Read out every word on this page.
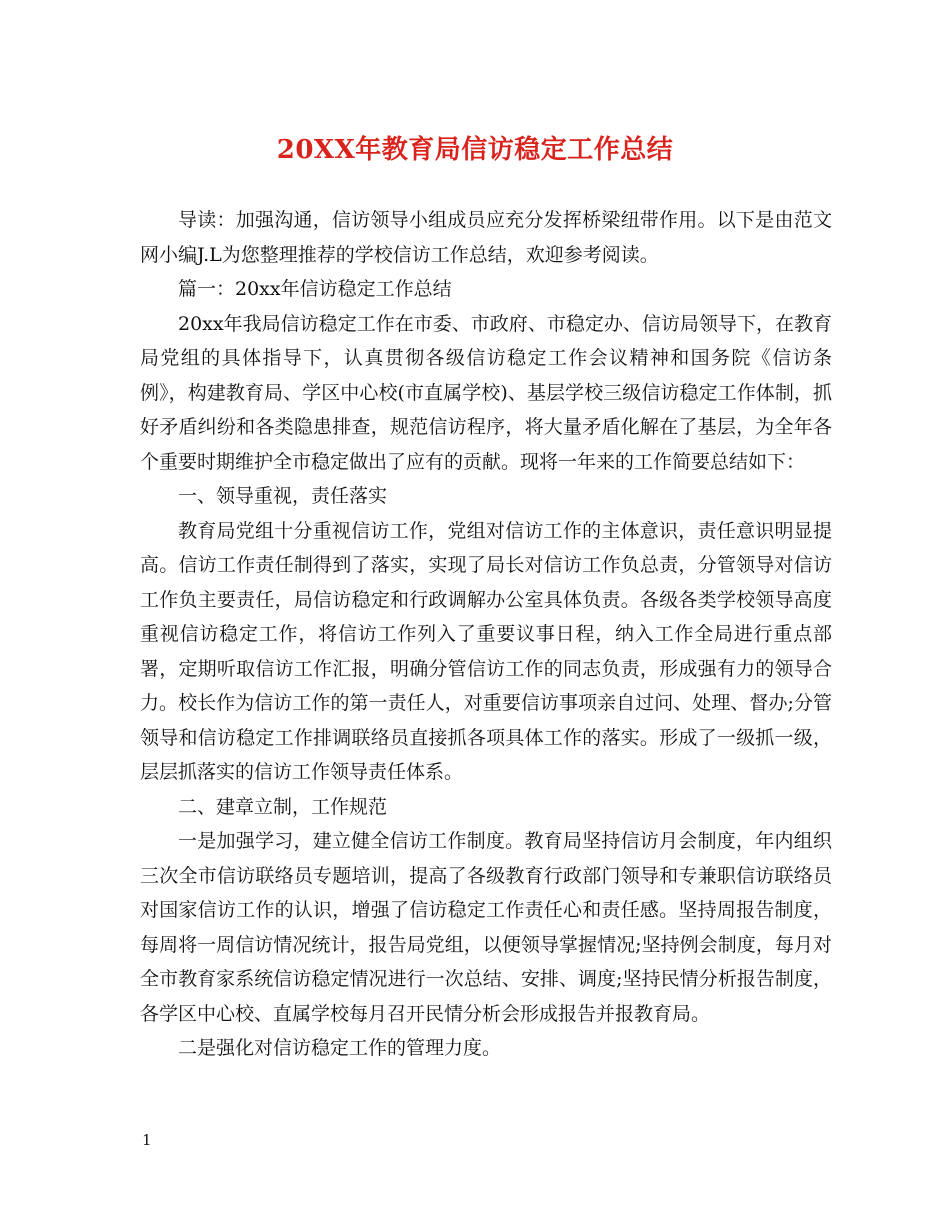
20XX年教育局信访稳定工作总结

导读：加强沟通，信访领导小组成员应充分发挥桥梁纽带作用。以下是由范文网小编J.L为您整理推荐的学校信访工作总结，欢迎参考阅读。

篇一：20xx年信访稳定工作总结

20xx年我局信访稳定工作在市委、市政府、市稳定办、信访局领导下，在教育局党组的具体指导下，认真贯彻各级信访稳定工作会议精神和国务院《信访条例》，构建教育局、学区中心校(市直属学校)、基层学校三级信访稳定工作体制，抓好矛盾纠纷和各类隐患排查，规范信访程序，将大量矛盾化解在了基层，为全年各个重要时期维护全市稳定做出了应有的贡献。现将一年来的工作简要总结如下：

一、领导重视，责任落实

教育局党组十分重视信访工作，党组对信访工作的主体意识，责任意识明显提高。信访工作责任制得到了落实，实现了局长对信访工作负总责，分管领导对信访工作负主要责任，局信访稳定和行政调解办公室具体负责。各级各类学校领导高度重视信访稳定工作，将信访工作列入了重要议事日程，纳入工作全局进行重点部署，定期听取信访工作汇报，明确分管信访工作的同志负责，形成强有力的领导合力。校长作为信访工作的第一责任人，对重要信访事项亲自过问、处理、督办;分管领导和信访稳定工作排调联络员直接抓各项具体工作的落实。形成了一级抓一级，层层抓落实的信访工作领导责任体系。

二、建章立制，工作规范

一是加强学习，建立健全信访工作制度。教育局坚持信访月会制度，年内组织三次全市信访联络员专题培训，提高了各级教育行政部门领导和专兼职信访联络员对国家信访工作的认识，增强了信访稳定工作责任心和责任感。坚持周报告制度，每周将一周信访情况统计，报告局党组，以便领导掌握情况;坚持例会制度，每月对全市教育家系统信访稳定情况进行一次总结、安排、调度;坚持民情分析报告制度，各学区中心校、直属学校每月召开民情分析会形成报告并报教育局。

二是强化对信访稳定工作的管理力度。

1
